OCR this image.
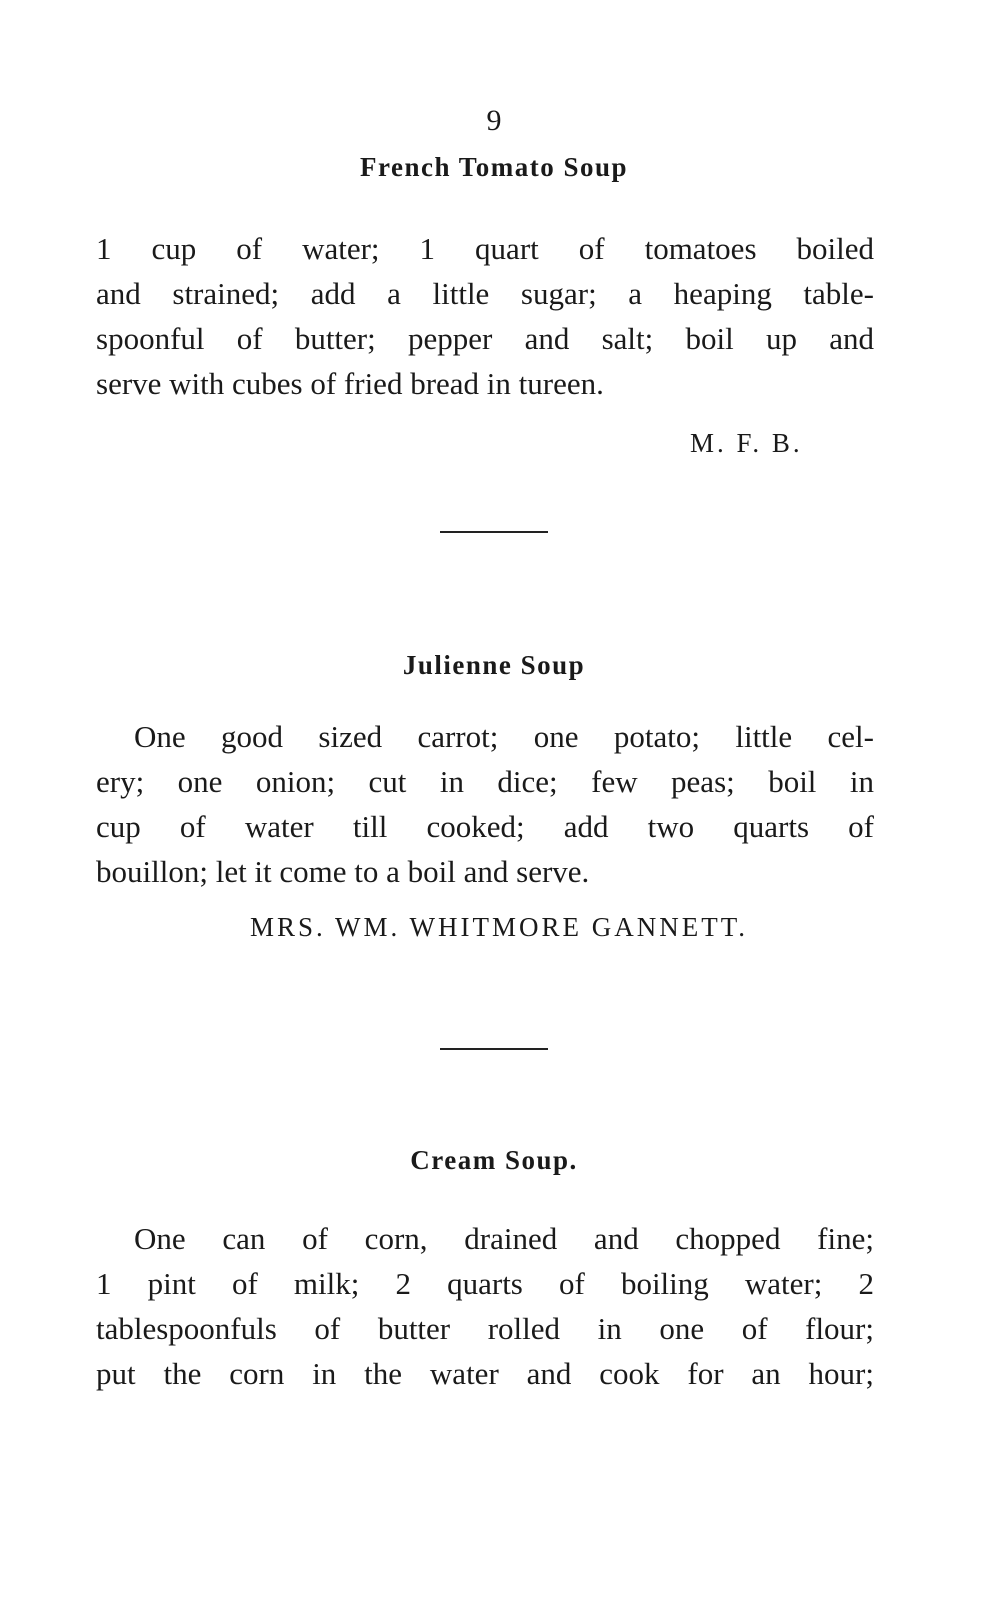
9
French Tomato Soup
1 cup of water; 1 quart of tomatoes boiled
and strained; add a little sugar; a heaping table-
spoonful of butter; pepper and salt; boil up and
serve with cubes of fried bread in tureen.
M. F. B.
Julienne Soup
One good sized carrot; one potato; little cel-
ery; one onion; cut in dice; few peas; boil in
cup of water till cooked; add two quarts of
bouillon; let it come to a boil and serve.
MRS. WM. WHITMORE GANNETT.
Cream Soup.
One can of corn, drained and chopped fine;
1 pint of milk; 2 quarts of boiling water; 2
tablespoonfuls of butter rolled in one of flour;
put the corn in the water and cook for an hour;
